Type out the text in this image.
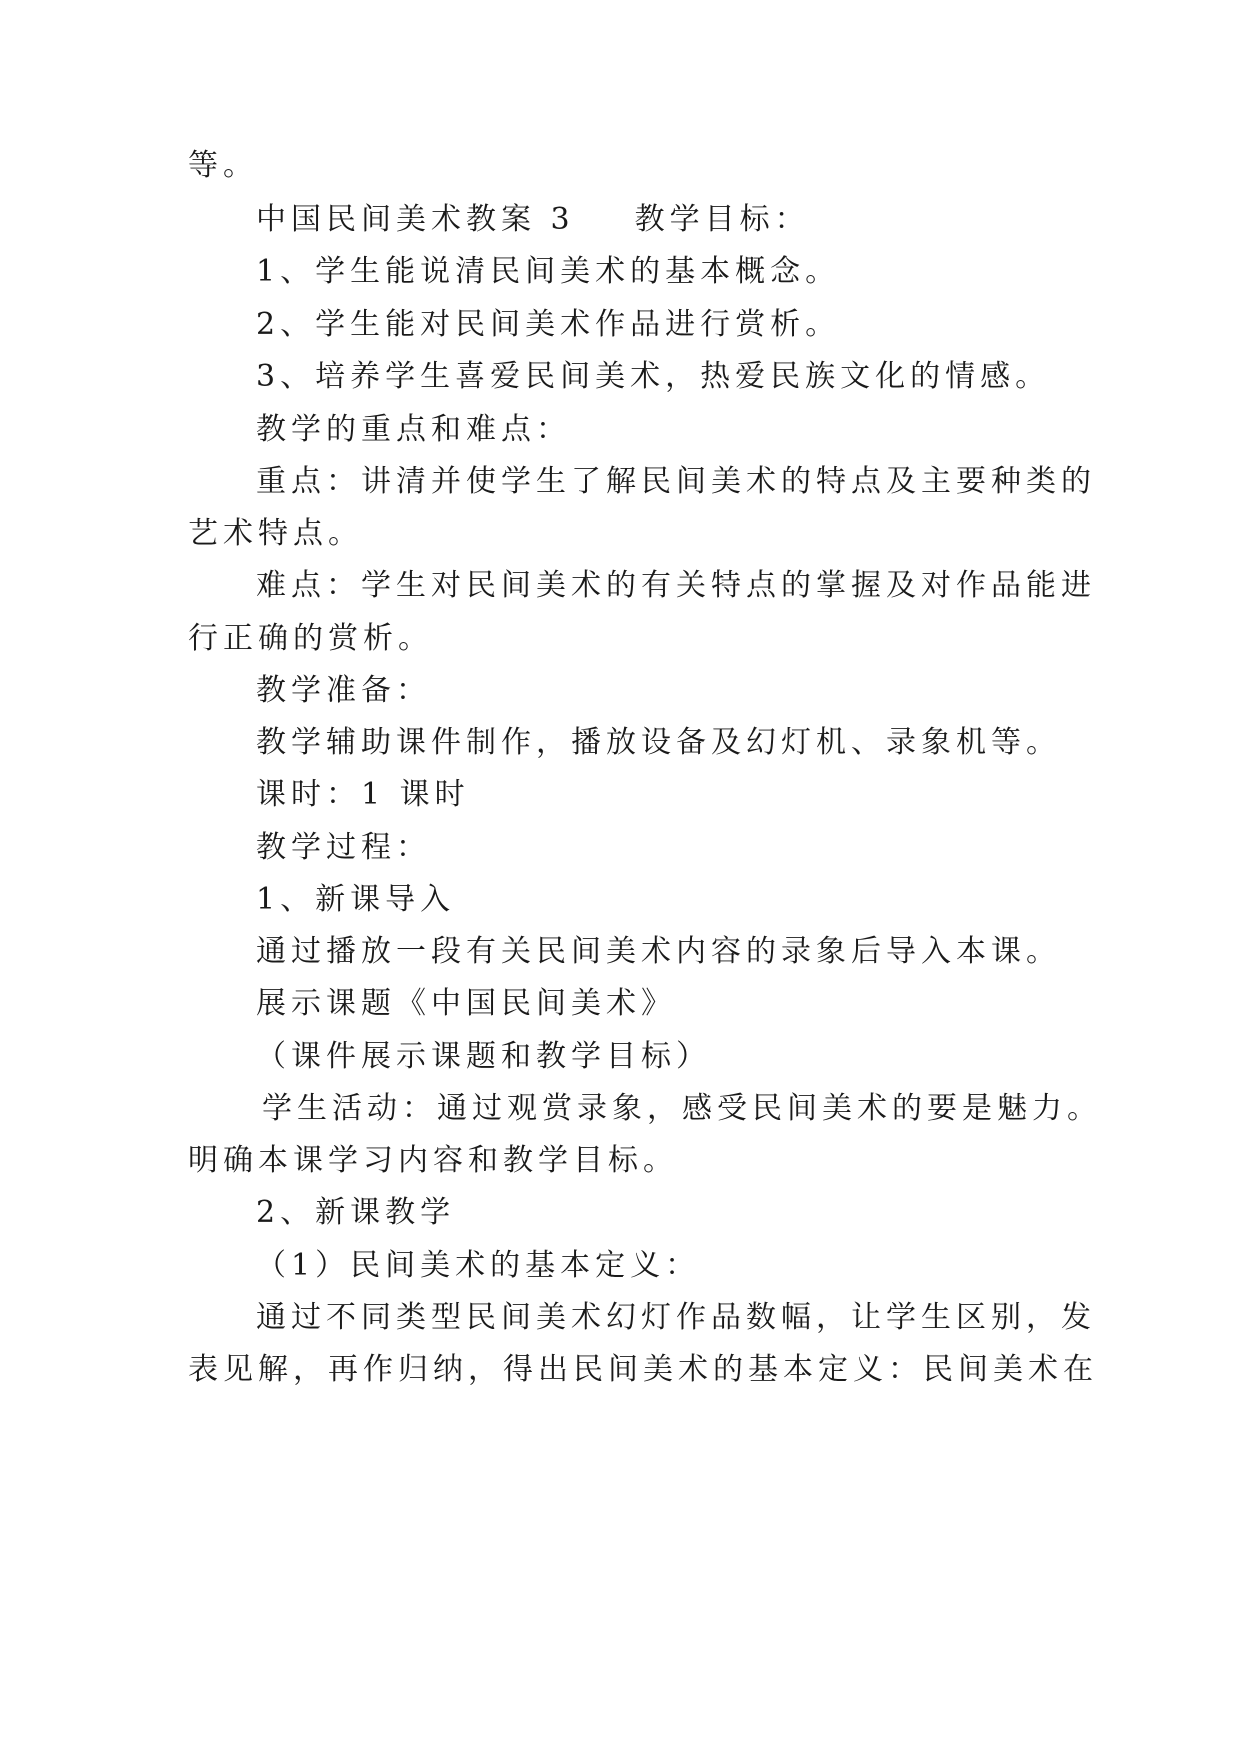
等。
中国民间美术教案 3 教学目标：
1、学生能说清民间美术的基本概念。
2、学生能对民间美术作品进行赏析。
3、培养学生喜爱民间美术，热爱民族文化的情感。
教学的重点和难点：
重点：讲清并使学生了解民间美术的特点及主要种类的
艺术特点。
难点：学生对民间美术的有关特点的掌握及对作品能进
行正确的赏析。
教学准备：
教学辅助课件制作，播放设备及幻灯机、录象机等。
课时：1 课时
教学过程：
1、新课导入
通过播放一段有关民间美术内容的录象后导入本课。
展示课题《中国民间美术》
（课件展示课题和教学目标）
学生活动：通过观赏录象，感受民间美术的要是魅力。
明确本课学习内容和教学目标。
2、新课教学
（1）民间美术的基本定义：
通过不同类型民间美术幻灯作品数幅，让学生区别，发
表见解，再作归纳，得出民间美术的基本定义：民间美术在
